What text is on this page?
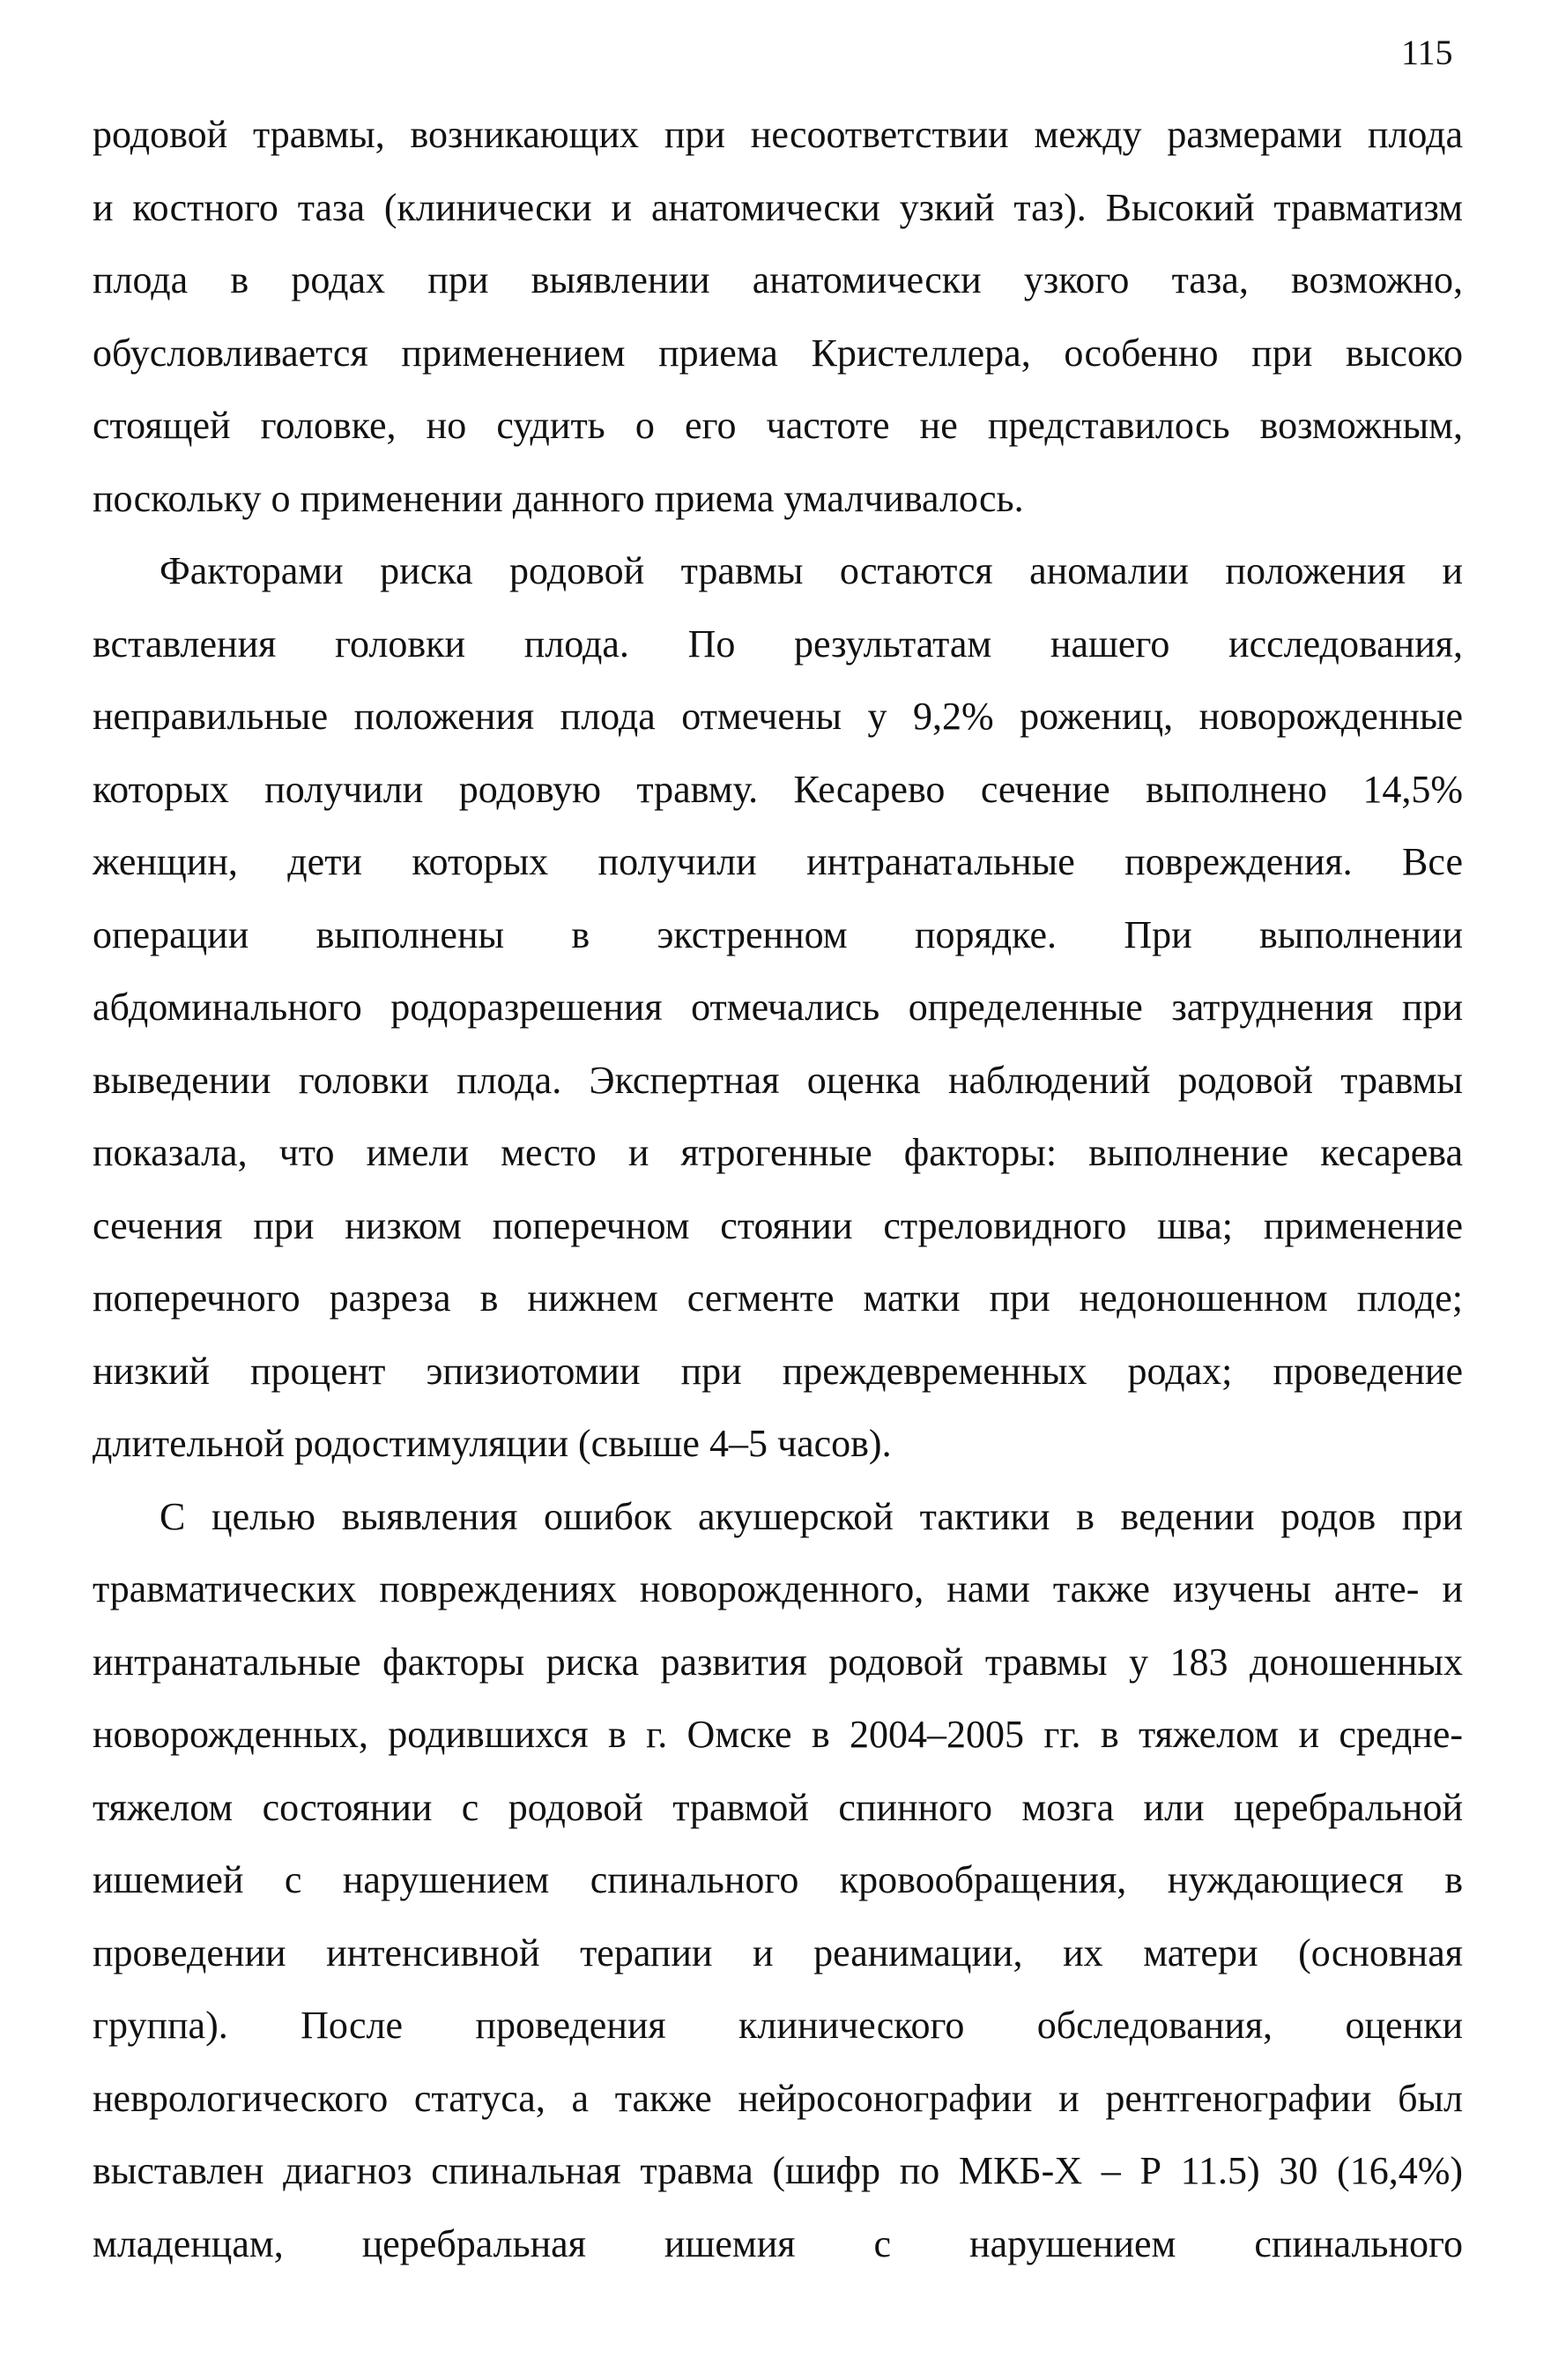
115

родовой травмы, возникающих при несоответствии между размерами плода

и костного таза (клинически и анатомически узкий таз). Высокий травматизм

плода в родах при выявлении анатомически узкого таза, возможно,

обусловливается применением приема Кристеллера, особенно при высоко

стоящей головке, но судить о его частоте не представилось возможным,

поскольку о применении данного приема умалчивалось.

Факторами риска родовой травмы остаются аномалии положения и

вставления головки плода. По результатам нашего исследования,

неправильные положения плода отмечены у 9,2% рожениц, новорожденные

которых получили родовую травму. Кесарево сечение выполнено 14,5%

женщин, дети которых получили интранатальные повреждения. Все

операции выполнены в экстренном порядке. При выполнении

абдоминального родоразрешения отмечались определенные затруднения при

выведении головки плода. Экспертная оценка наблюдений родовой травмы

показала, что имели место и ятрогенные факторы: выполнение кесарева

сечения при низком поперечном стоянии стреловидного шва; применение

поперечного разреза в нижнем сегменте матки при недоношенном плоде;

низкий процент эпизиотомии при преждевременных родах; проведение

длительной родостимуляции (свыше 4–5 часов).

С целью выявления ошибок акушерской тактики в ведении родов при

травматических повреждениях новорожденного, нами также изучены анте- и

интранатальные факторы риска развития родовой травмы у 183 доношенных

новорожденных, родившихся в г. Омске в 2004–2005 гг. в тяжелом и средне-

тяжелом состоянии с родовой травмой спинного мозга или церебральной

ишемией с нарушением спинального кровообращения, нуждающиеся в

проведении интенсивной терапии и реанимации, их матери (основная

группа). После проведения клинического обследования, оценки

неврологического статуса, а также нейросонографии и рентгенографии был

выставлен диагноз спинальная травма (шифр по МКБ-Х – Р 11.5) 30 (16,4%)

младенцам, церебральная ишемия с нарушением спинального
